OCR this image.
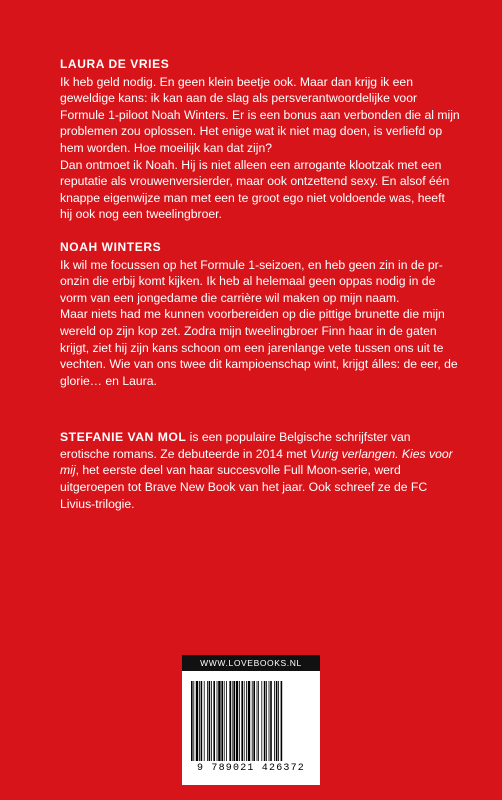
LAURA DE VRIES

Ik heb geld nodig. En geen klein beetje ook. Maar dan krijg ik een geweldige kans: ik kan aan de slag als persverantwoordelijke voor Formule 1-piloot Noah Winters. Er is een bonus aan verbonden die al mijn problemen zou oplossen. Het enige wat ik niet mag doen, is verliefd op hem worden. Hoe moeilijk kan dat zijn?

Dan ontmoet ik Noah. Hij is niet alleen een arrogante klootzak met een reputatie als vrouwenversierder, maar ook ontzettend sexy. En alsof één knappe eigenwijze man met een te groot ego niet voldoende was, heeft hij ook nog een tweelingbroer.

NOAH WINTERS

Ik wil me focussen op het Formule 1-seizoen, en heb geen zin in de pr-onzin die erbij komt kijken. Ik heb al helemaal geen oppas nodig in de vorm van een jongedame die carrière wil maken op mijn naam.

Maar niets had me kunnen voorbereiden op die pittige brunette die mijn wereld op zijn kop zet. Zodra mijn tweelingbroer Finn haar in de gaten krijgt, ziet hij zijn kans schoon om een jarenlange vete tussen ons uit te vechten. Wie van ons twee dit kampioenschap wint, krijgt álles: de eer, de glorie… en Laura.

STEFANIE VAN MOL is een populaire Belgische schrijfster van erotische romans. Ze debuteerde in 2014 met Vurig verlangen. Kies voor mij, het eerste deel van haar succesvolle Full Moon-serie, werd uitgeroepen tot Brave New Book van het jaar. Ook schreef ze de FC Livius-trilogie.

WWW.LOVEBOOKS.NL
9 789021 426372
